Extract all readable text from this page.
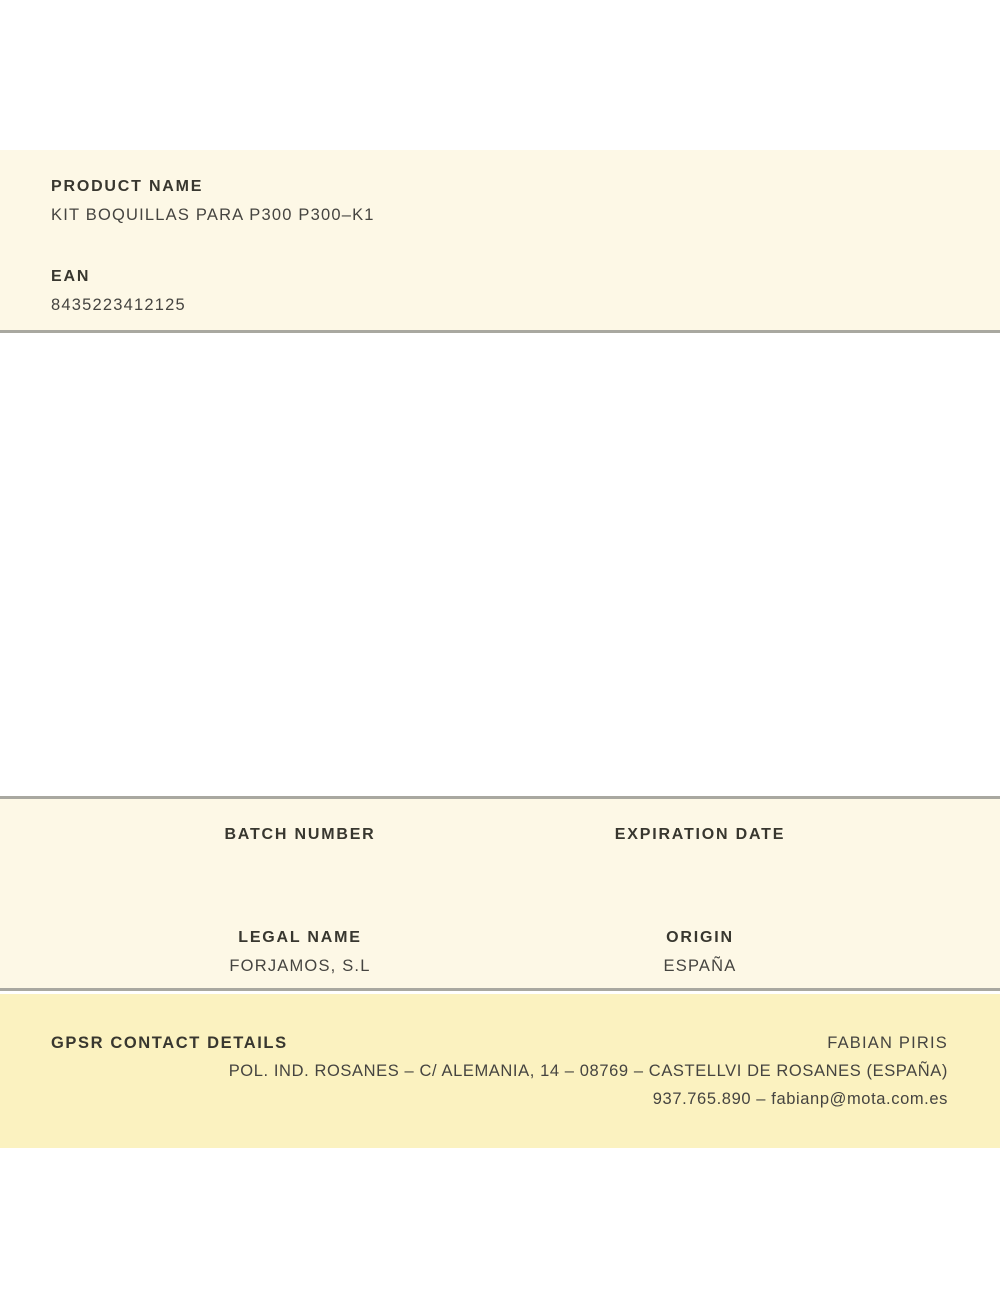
PRODUCT NAME
KIT BOQUILLAS PARA P300 P300–K1
EAN
8435223412125
BATCH NUMBER	EXPIRATION DATE
LEGAL NAME
FORJAMOS, S.L
ORIGIN
ESPAÑA
GPSR CONTACT DETAILS	FABIAN PIRIS
POL. IND. ROSANES – C/ ALEMANIA, 14 – 08769 – CASTELLVI DE ROSANES (ESPAÑA)
937.765.890 – fabianp@mota.com.es
